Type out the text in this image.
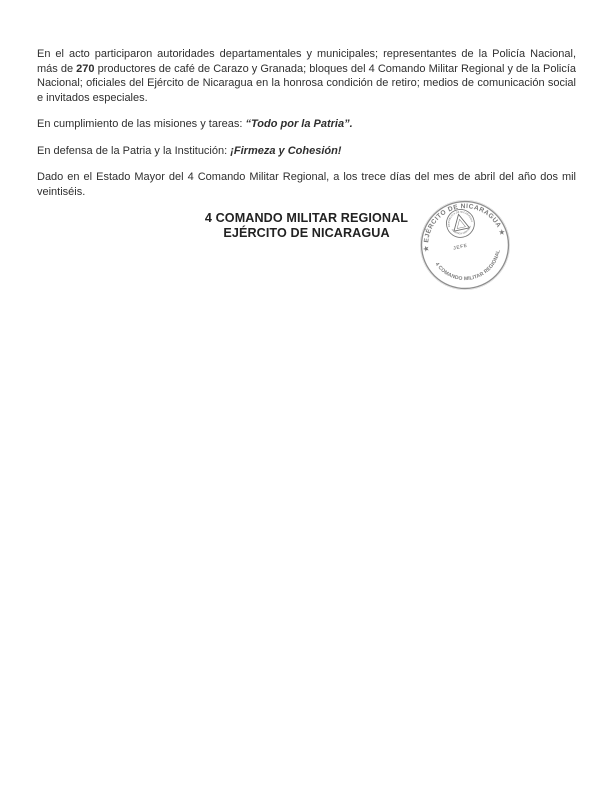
En el acto participaron autoridades departamentales y municipales; representantes de la Policía Nacional, más de 270 productores de café de Carazo y Granada; bloques del 4 Comando Militar Regional y de la Policía Nacional; oficiales del Ejército de Nicaragua en la honrosa condición de retiro; medios de comunicación social e invitados especiales.

En cumplimiento de las misiones y tareas: “Todo por la Patria”.

En defensa de la Patria y la Institución: ¡Firmeza y Cohesión!

Dado en el Estado Mayor del 4 Comando Militar Regional, a los trece días del mes de abril del año dos mil veintiséis.

4 COMANDO MILITAR REGIONAL
EJÉRCITO DE NICARAGUA
★ EJÉRCITO DE NICARAGUA ★
4 COMANDO MILITAR REGIONAL
REPUBLICA DE NICARAGUA
AMERICA CENTRAL
JEFE
